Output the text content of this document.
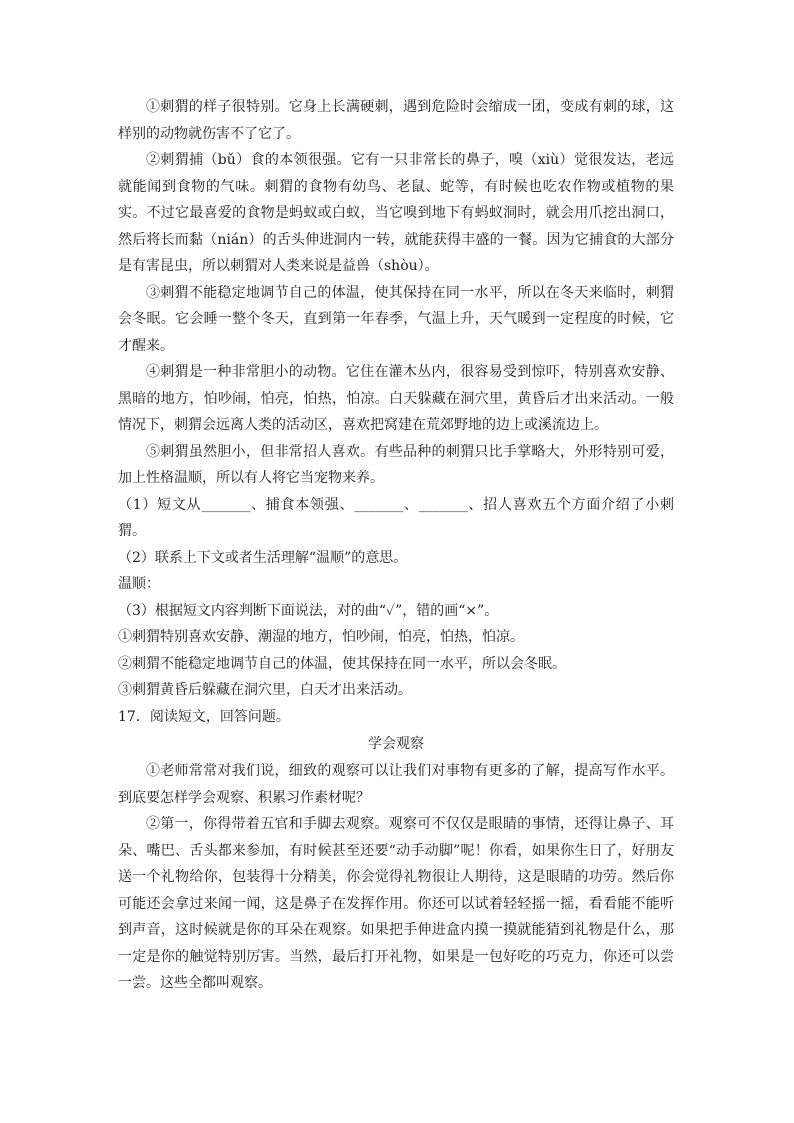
①刺猬的样子很特别。它身上长满硬刺，遇到危险时会缩成一团，变成有刺的球，这样别的动物就伤害不了它了。

②刺猬捕（bǔ）食的本领很强。它有一只非常长的鼻子，嗅（xiù）觉很发达，老远就能闻到食物的气味。刺猬的食物有幼鸟、老鼠、蛇等，有时候也吃农作物或植物的果实。不过它最喜爱的食物是蚂蚁或白蚁，当它嗅到地下有蚂蚁洞时，就会用爪挖出洞口，然后将长而黏（nián）的舌头伸进洞内一转，就能获得丰盛的一餐。因为它捕食的大部分是有害昆虫，所以刺猬对人类来说是益兽（shòu）。

③刺猬不能稳定地调节自己的体温，使其保持在同一水平，所以在冬天来临时，刺猬会冬眠。它会睡一整个冬天，直到第一年春季，气温上升，天气暖到一定程度的时候，它才醒来。

④刺猬是一种非常胆小的动物。它住在灌木丛内，很容易受到惊吓，特别喜欢安静、黑暗的地方，怕吵闹，怕亮，怕热，怕凉。白天躲藏在洞穴里，黄昏后才出来活动。一般情况下，刺猬会远离人类的活动区，喜欢把窝建在荒郊野地的边上或溪流边上。

⑤刺猬虽然胆小，但非常招人喜欢。有些品种的刺猬只比手掌略大，外形特别可爱，加上性格温顺，所以有人将它当宠物来养。

（1）短文从_______、捕食本领强、_______、_______、招人喜欢五个方面介绍了小刺猬。

（2）联系上下文或者生活理解“温顺”的意思。

温顺：

（3）根据短文内容判断下面说法，对的曲“✓”，错的画“×”。

①刺猬特别喜欢安静、潮湿的地方，怕吵闹，怕亮，怕热，怕凉。

②刺猬不能稳定地调节自己的体温，使其保持在同一水平，所以会冬眠。

③刺猬黄昏后躲藏在洞穴里，白天才出来活动。

17．阅读短文，回答问题。

学会观察

①老师常常对我们说，细致的观察可以让我们对事物有更多的了解，提高写作水平。到底要怎样学会观察、积累习作素材呢？

②第一，你得带着五官和手脚去观察。观察可不仅仅是眼睛的事情，还得让鼻子、耳朵、嘴巴、舌头都来参加，有时候甚至还要“动手动脚”呢！你看，如果你生日了，好朋友送一个礼物给你，包装得十分精美，你会觉得礼物很让人期待，这是眼睛的功劳。然后你可能还会拿过来闻一闻，这是鼻子在发挥作用。你还可以试着轻轻摇一摇，看看能不能听到声音，这时候就是你的耳朵在观察。如果把手伸进盒内摸一摸就能猜到礼物是什么，那一定是你的触觉特别厉害。当然，最后打开礼物，如果是一包好吃的巧克力，你还可以尝一尝。这些全都叫观察。
